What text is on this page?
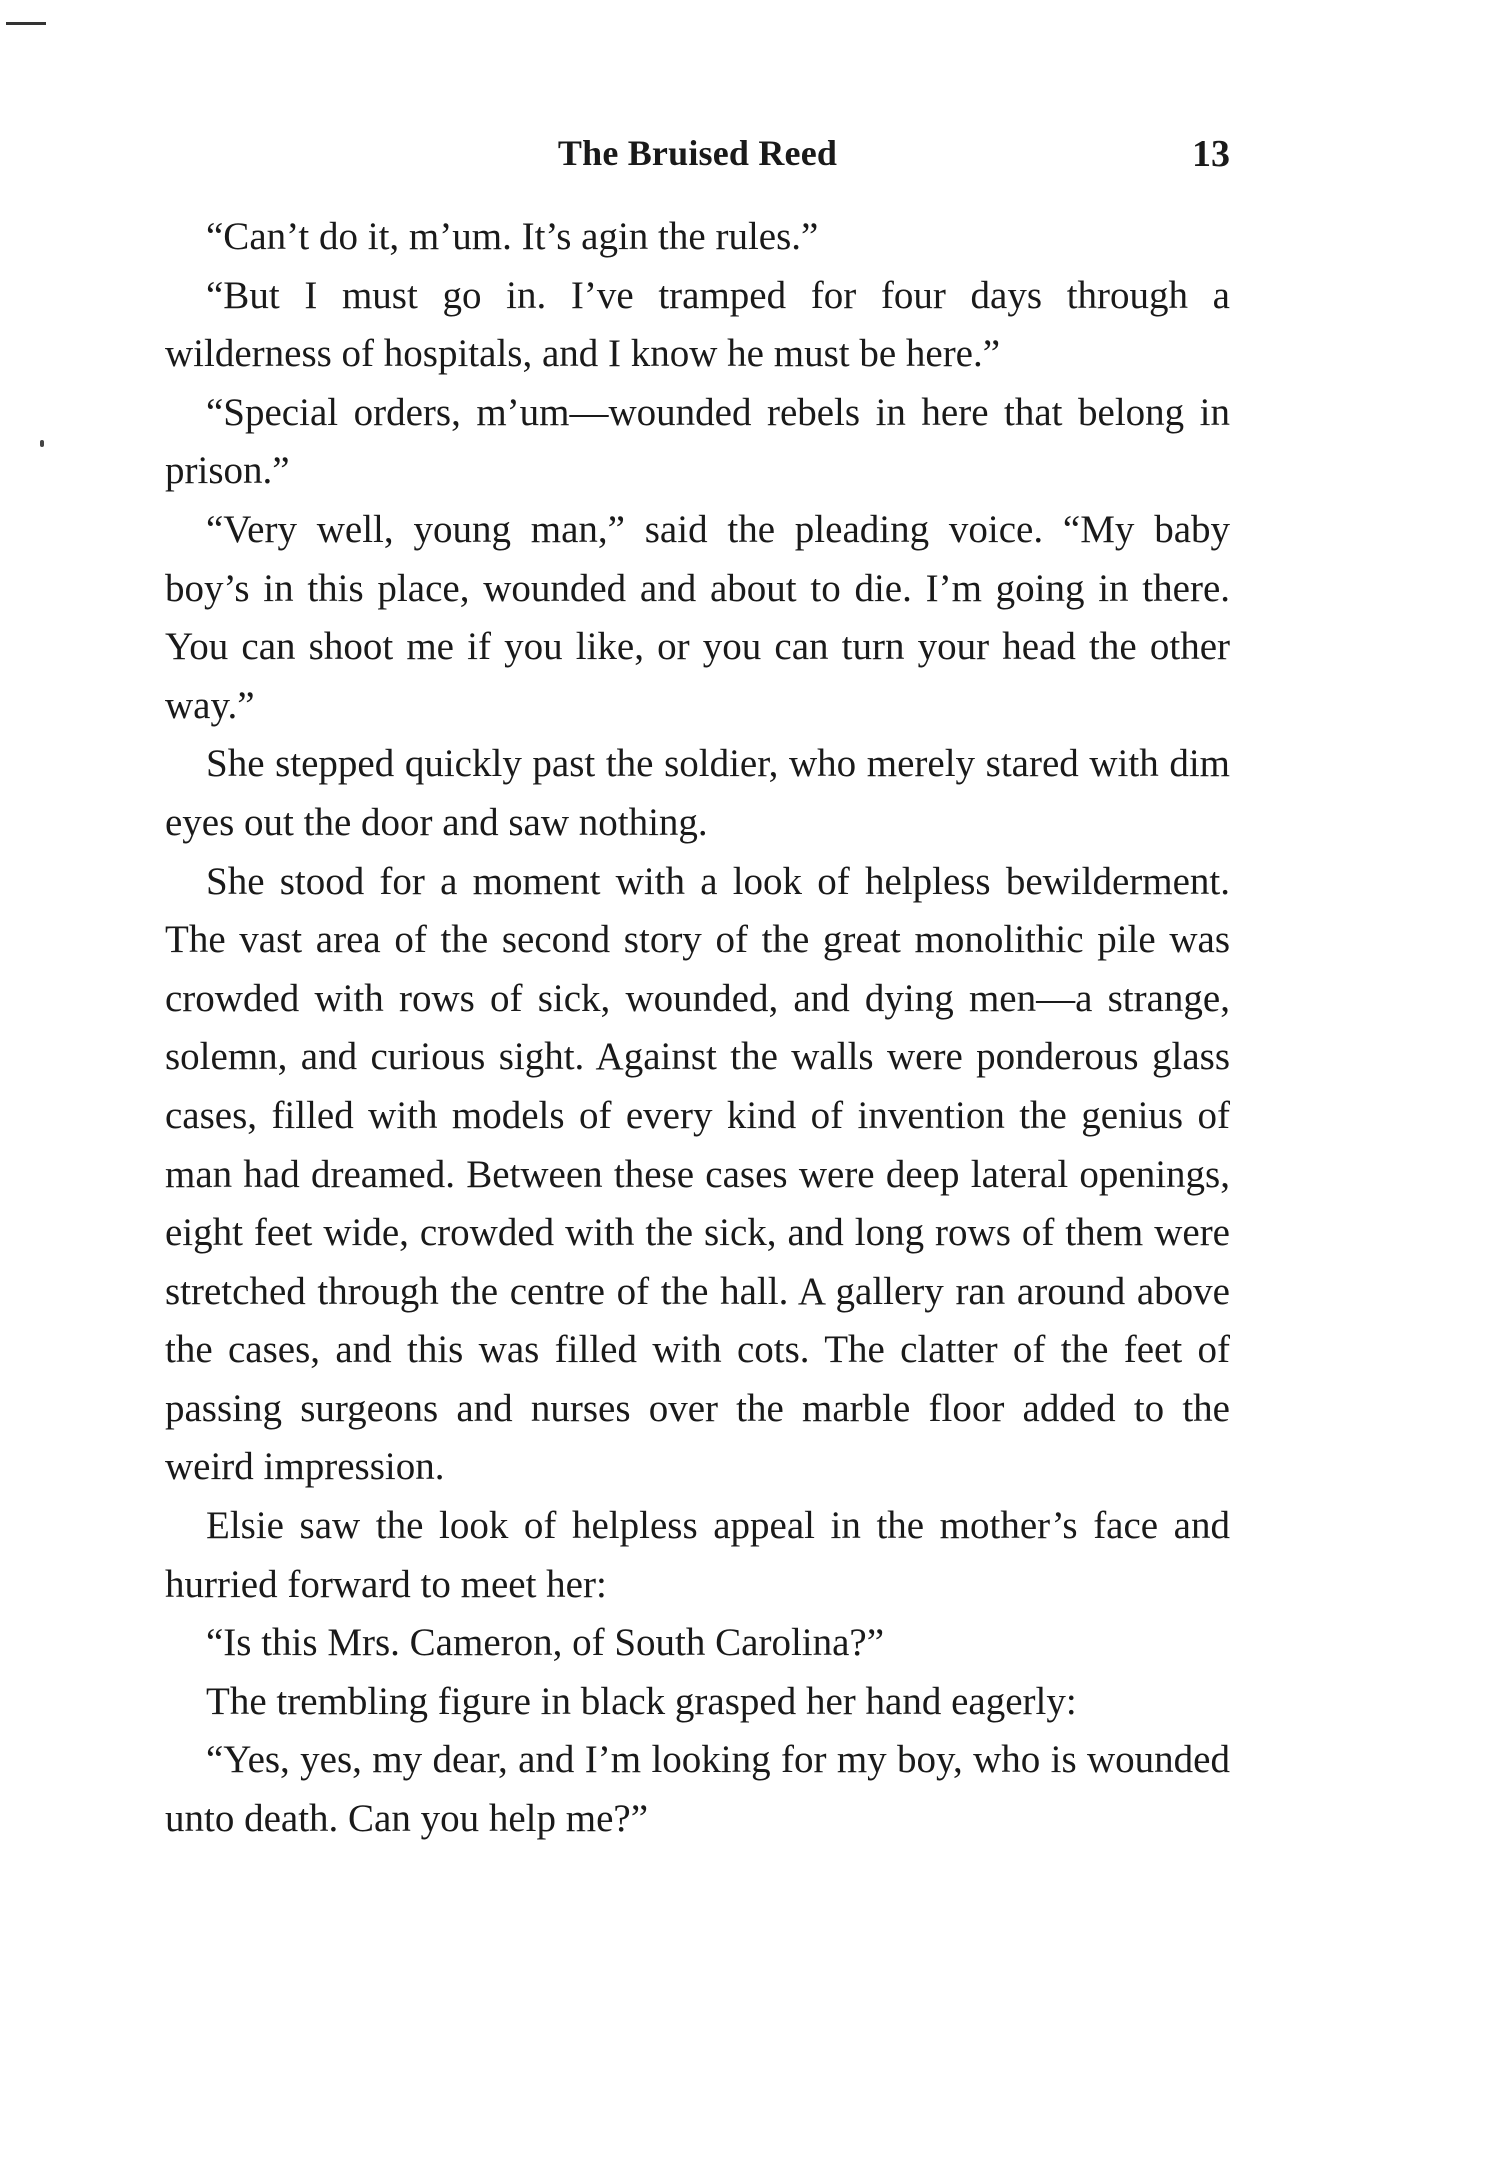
The Bruised Reed	13

“Can’t do it, m’um. It’s agin the rules.”

“But I must go in. I’ve tramped for four days through a wilderness of hospitals, and I know he must be here.”

“Special orders, m’um—wounded rebels in here that belong in prison.”

“Very well, young man,” said the pleading voice. “My baby boy’s in this place, wounded and about to die. I’m going in there. You can shoot me if you like, or you can turn your head the other way.”

She stepped quickly past the soldier, who merely stared with dim eyes out the door and saw nothing.

She stood for a moment with a look of helpless bewilderment. The vast area of the second story of the great monolithic pile was crowded with rows of sick, wounded, and dying men—a strange, solemn, and curious sight. Against the walls were ponderous glass cases, filled with models of every kind of invention the genius of man had dreamed. Between these cases were deep lateral openings, eight feet wide, crowded with the sick, and long rows of them were stretched through the centre of the hall. A gallery ran around above the cases, and this was filled with cots. The clatter of the feet of passing surgeons and nurses over the marble floor added to the weird impression.

Elsie saw the look of helpless appeal in the mother’s face and hurried forward to meet her:

“Is this Mrs. Cameron, of South Carolina?”

The trembling figure in black grasped her hand eagerly:

“Yes, yes, my dear, and I’m looking for my boy, who is wounded unto death. Can you help me?”
